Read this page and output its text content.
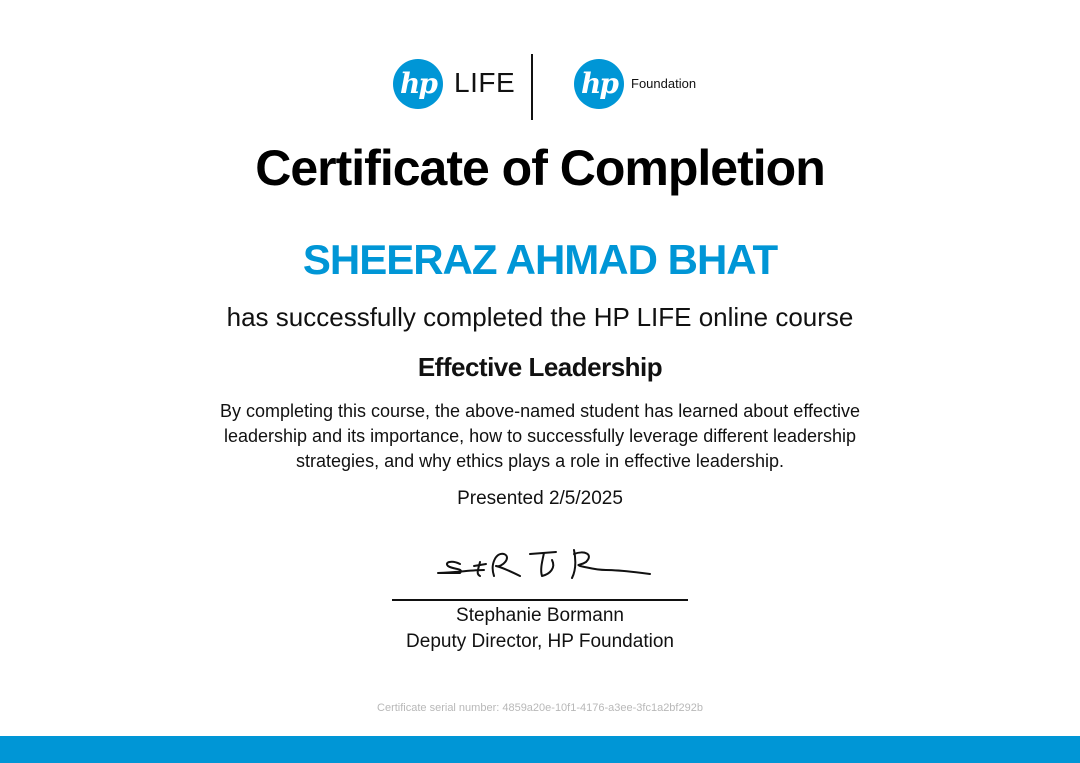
hp LIFE hp	Foundation
Certificate of Completion
SHEERAZ AHMAD BHAT
has successfully completed the HP LIFE online course
Effective Leadership
By completing this course, the above-named student has learned about effective leadership and its importance, how to successfully leverage different leadership strategies, and why ethics plays a role in effective leadership.
Presented 2/5/2025
Stephanie Bormann
Deputy Director, HP Foundation
Certificate serial number: 4859a20e-10f1-4176-a3ee-3fc1a2bf292b
